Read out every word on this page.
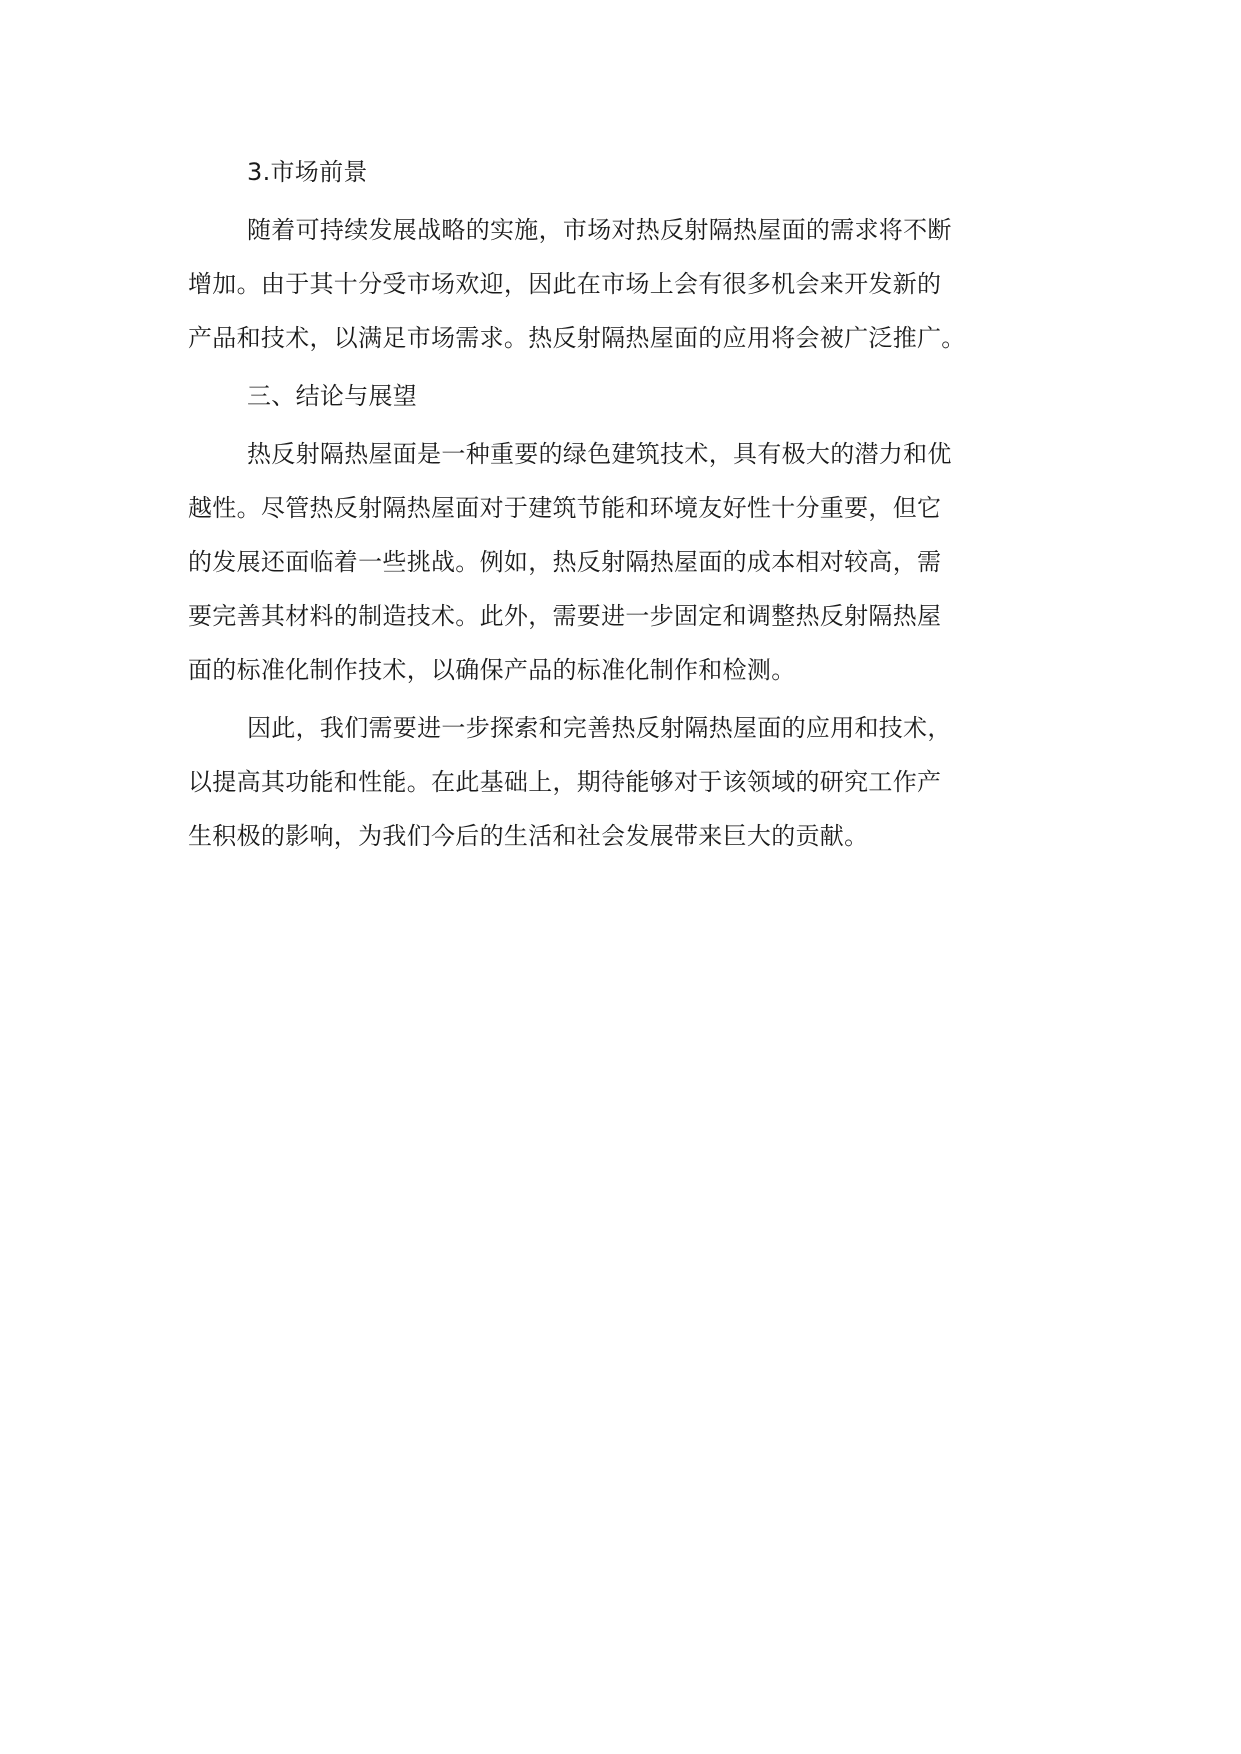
3.市场前景
随着可持续发展战略的实施，市场对热反射隔热屋面的需求将不断
增加。由于其十分受市场欢迎，因此在市场上会有很多机会来开发新的
产品和技术，以满足市场需求。热反射隔热屋面的应用将会被广泛推广。
三、结论与展望
热反射隔热屋面是一种重要的绿色建筑技术，具有极大的潜力和优
越性。尽管热反射隔热屋面对于建筑节能和环境友好性十分重要，但它
的发展还面临着一些挑战。例如，热反射隔热屋面的成本相对较高，需
要完善其材料的制造技术。此外，需要进一步固定和调整热反射隔热屋
面的标准化制作技术，以确保产品的标准化制作和检测。
因此，我们需要进一步探索和完善热反射隔热屋面的应用和技术，
以提高其功能和性能。在此基础上，期待能够对于该领域的研究工作产
生积极的影响，为我们今后的生活和社会发展带来巨大的贡献。
